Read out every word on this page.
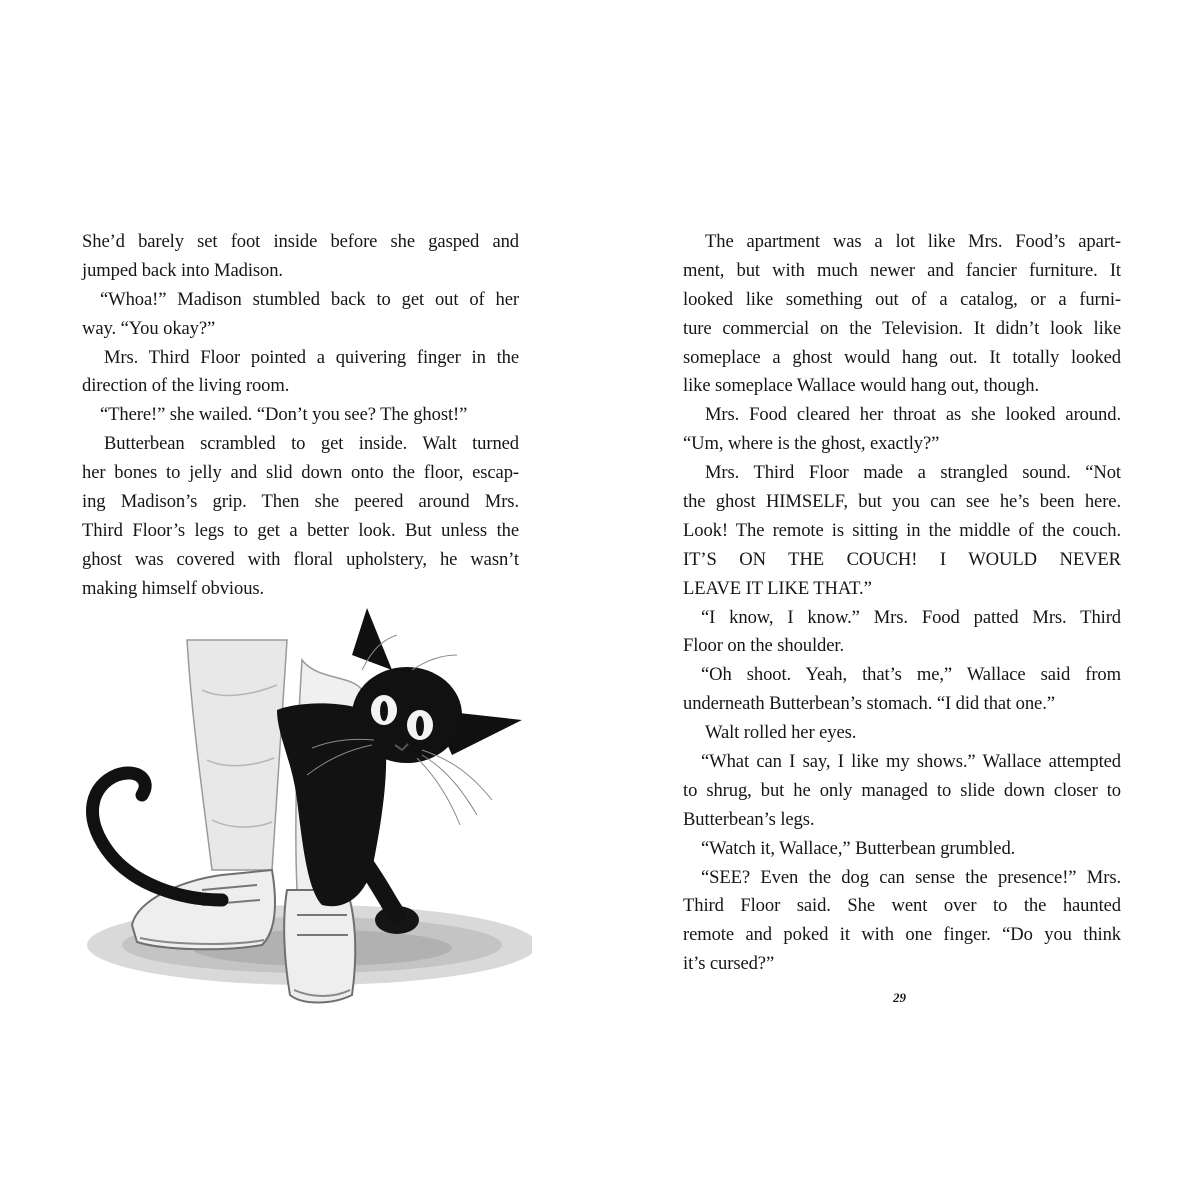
She’d barely set foot inside before she gasped and
jumped back into Madison.
“Whoa!” Madison stumbled back to get out of her
way. “You okay?”
Mrs. Third Floor pointed a quivering finger in the
direction of the living room.
“There!” she wailed. “Don’t you see? The ghost!”
Butterbean scrambled to get inside. Walt turned
her bones to jelly and slid down onto the floor, escap-
ing Madison’s grip. Then she peered around Mrs.
Third Floor’s legs to get a better look. But unless the
ghost was covered with floral upholstery, he wasn’t
making himself obvious.
The apartment was a lot like Mrs. Food’s apart-
ment, but with much newer and fancier furniture. It
looked like something out of a catalog, or a furni-
ture commercial on the Television. It didn’t look like
someplace a ghost would hang out. It totally looked
like someplace Wallace would hang out, though.
Mrs. Food cleared her throat as she looked around.
“Um, where is the ghost, exactly?”
Mrs. Third Floor made a strangled sound. “Not
the ghost HIMSELF, but you can see he’s been here.
Look! The remote is sitting in the middle of the couch.
IT’S ON THE COUCH! I WOULD NEVER
LEAVE IT LIKE THAT.”
“I know, I know.” Mrs. Food patted Mrs. Third
Floor on the shoulder.
“Oh shoot. Yeah, that’s me,” Wallace said from
underneath Butterbean’s stomach. “I did that one.”
Walt rolled her eyes.
“What can I say, I like my shows.” Wallace attempted
to shrug, but he only managed to slide down closer to
Butterbean’s legs.
“Watch it, Wallace,” Butterbean grumbled.
“SEE? Even the dog can sense the presence!” Mrs.
Third Floor said. She went over to the haunted
remote and poked it with one finger. “Do you think
it’s cursed?”
29
